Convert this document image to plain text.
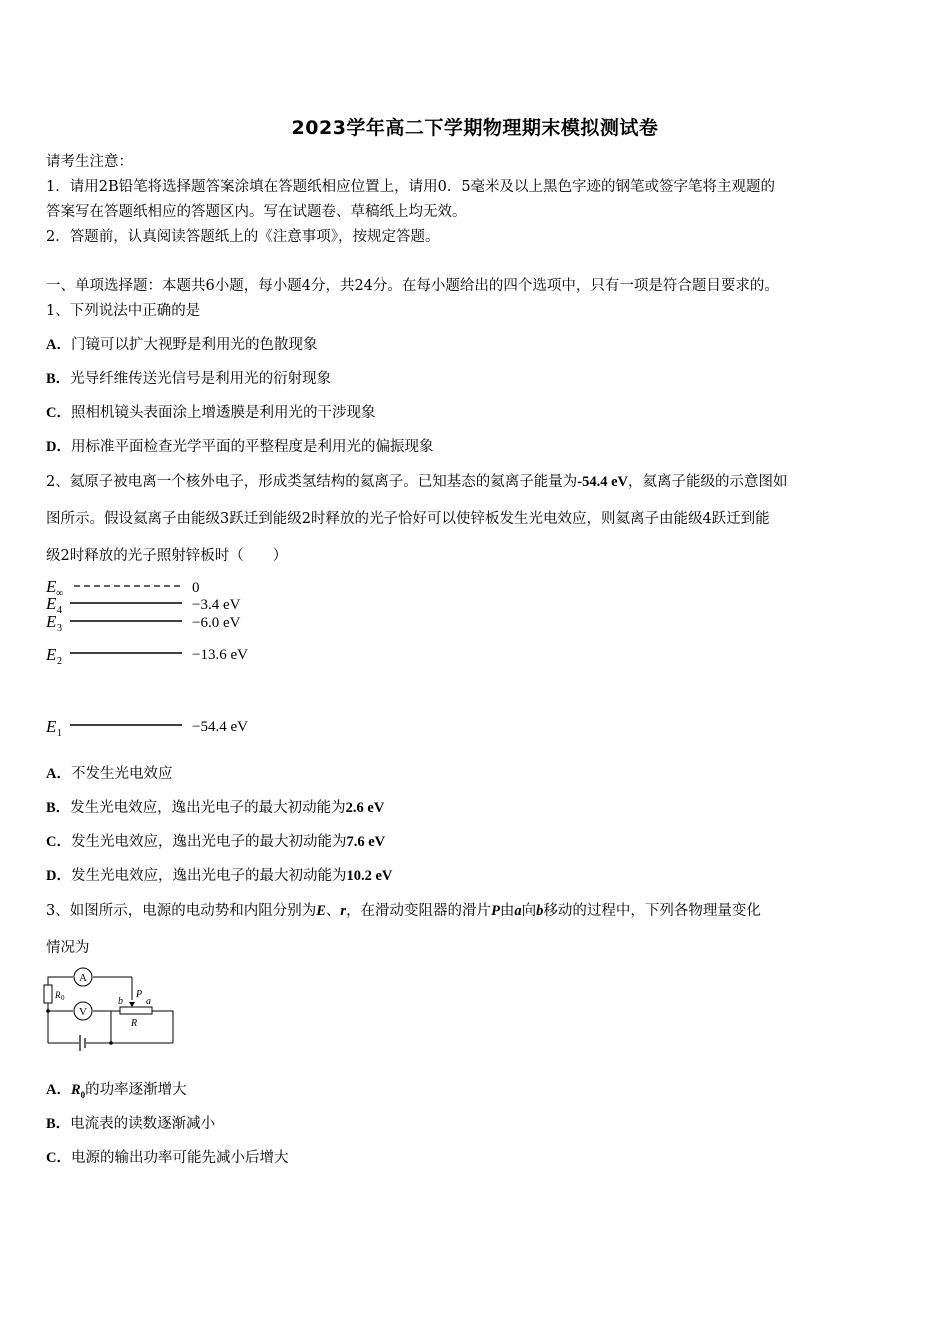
2023学年高二下学期物理期末模拟测试卷
请考生注意：
1．请用2B铅笔将选择题答案涂填在答题纸相应位置上，请用0．5毫米及以上黑色字迹的钢笔或签字笔将主观题的
答案写在答题纸相应的答题区内。写在试题卷、草稿纸上均无效。
2．答题前，认真阅读答题纸上的《注意事项》，按规定答题。
一、单项选择题：本题共6小题，每小题4分，共24分。在每小题给出的四个选项中，只有一项是符合题目要求的。
1、下列说法中正确的是
A．门镜可以扩大视野是利用光的色散现象
B．光导纤维传送光信号是利用光的衍射现象
C．照相机镜头表面涂上增透膜是利用光的干涉现象
D．用标准平面检查光学平面的平整程度是利用光的偏振现象
2、氦原子被电离一个核外电子，形成类氢结构的氦离子。已知基态的氦离子能量为-54.4 eV，氦离子能级的示意图如
图所示。假设氦离子由能级3跃迁到能级2时释放的光子恰好可以使锌板发生光电效应，则氦离子由能级4跃迁到能
级2时释放的光子照射锌板时（　　）
E ∞	0
E 4	−3.4 eV
E 3	−6.0 eV
E 2	−13.6 eV
E 1	−54.4 eV
A．不发生光电效应
B．发生光电效应，逸出光电子的最大初动能为2.6 eV
C．发生光电效应，逸出光电子的最大初动能为7.6 eV
D．发生光电效应，逸出光电子的最大初动能为10.2 eV
3、如图所示，电源的电动势和内阻分别为E、r，在滑动变阻器的滑片P由a向b移动的过程中，下列各物理量变化
情况为
A
V
R 0	P
b a
R
A．$R_0$的功率逐渐增大
B．电流表的读数逐渐减小
C．电源的输出功率可能先减小后增大
